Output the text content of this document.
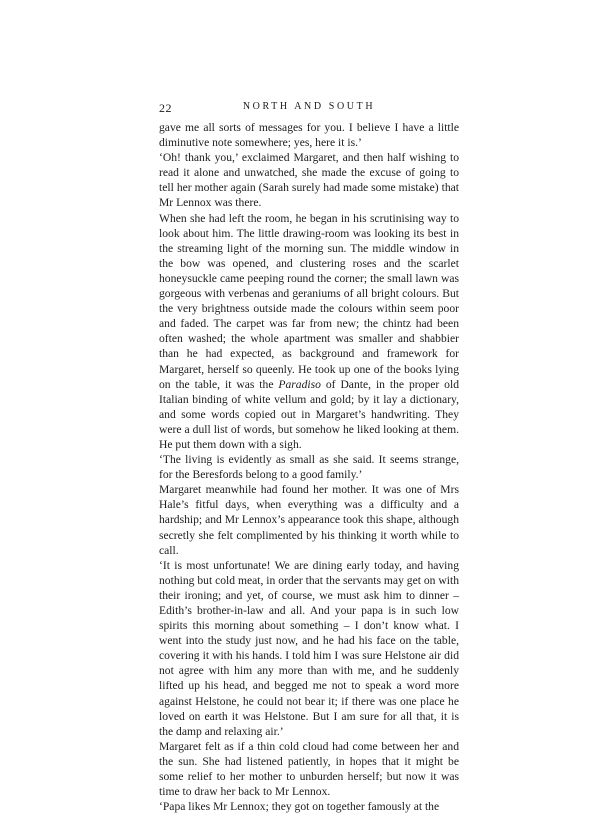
22	NORTH AND SOUTH

gave me all sorts of messages for you. I believe I have a little diminutive note somewhere; yes, here it is.’

‘Oh! thank you,’ exclaimed Margaret, and then half wishing to read it alone and unwatched, she made the excuse of going to tell her mother again (Sarah surely had made some mistake) that Mr Lennox was there.

When she had left the room, he began in his scrutinising way to look about him. The little drawing-room was looking its best in the streaming light of the morning sun. The middle window in the bow was opened, and clustering roses and the scarlet honeysuckle came peeping round the corner; the small lawn was gorgeous with verbenas and geraniums of all bright colours. But the very brightness outside made the colours within seem poor and faded. The carpet was far from new; the chintz had been often washed; the whole apartment was smaller and shabbier than he had expected, as background and framework for Margaret, herself so queenly. He took up one of the books lying on the table, it was the Paradiso of Dante, in the proper old Italian binding of white vellum and gold; by it lay a dictionary, and some words copied out in Margaret’s handwriting. They were a dull list of words, but somehow he liked looking at them. He put them down with a sigh.

‘The living is evidently as small as she said. It seems strange, for the Beresfords belong to a good family.’

Margaret meanwhile had found her mother. It was one of Mrs Hale’s fitful days, when everything was a difficulty and a hardship; and Mr Lennox’s appearance took this shape, although secretly she felt complimented by his thinking it worth while to call.

‘It is most unfortunate! We are dining early today, and having nothing but cold meat, in order that the servants may get on with their ironing; and yet, of course, we must ask him to dinner – Edith’s brother-in-law and all. And your papa is in such low spirits this morning about something – I don’t know what. I went into the study just now, and he had his face on the table, covering it with his hands. I told him I was sure Helstone air did not agree with him any more than with me, and he suddenly lifted up his head, and begged me not to speak a word more against Helstone, he could not bear it; if there was one place he loved on earth it was Helstone. But I am sure for all that, it is the damp and relaxing air.’

Margaret felt as if a thin cold cloud had come between her and the sun. She had listened patiently, in hopes that it might be some relief to her mother to unburden herself; but now it was time to draw her back to Mr Lennox.

‘Papa likes Mr Lennox; they got on together famously at the
